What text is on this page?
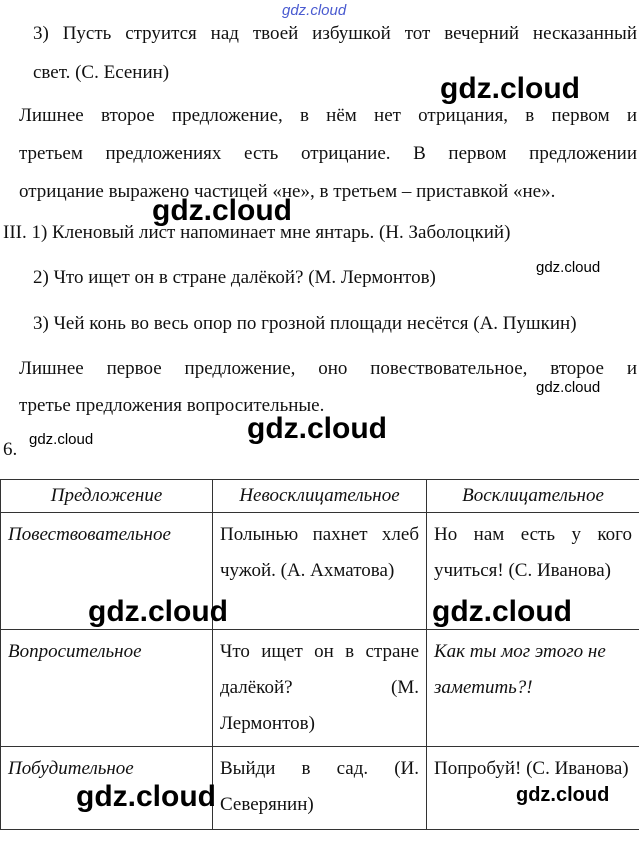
gdz.cloud
3) Пусть струится над твоей избушкой тот вечерний несказанный
свет. (С. Есенин)	gdz.cloud
Лишнее второе предложение, в нём нет отрицания, в первом и
третьем предложениях есть отрицание. В первом предложении
отрицание выражено частицей «не», в третьем – приставкой «не».
gdz.cloud
III. 1) Кленовый лист напоминает мне янтарь. (Н. Заболоцкий)
gdz.cloud
2) Что ищет он в стране далёкой? (М. Лермонтов)
3) Чей конь во весь опор по грозной площади несётся (А. Пушкин)
Лишнее первое предложение, оно повествовательное, второе и
gdz.cloud
третье предложения вопросительные.
gdz.cloud
6. gdz.cloud
Предложение	Невосклицательное	Восклицательное
Повествовательное	Полынью пахнет хлеб чужой. (А. Ахматова)	Но нам есть у кого учиться! (С. Иванова)
Вопросительное	Что ищет он в стране далёкой? (М. Лермонтов)	Как ты мог этого не заметить?!
Побудительное	Выйди в сад. (И. Северянин)	Попробуй! (С. Иванова)
gdz.cloud	gdz.cloud
gdz.cloud	gdz.cloud
